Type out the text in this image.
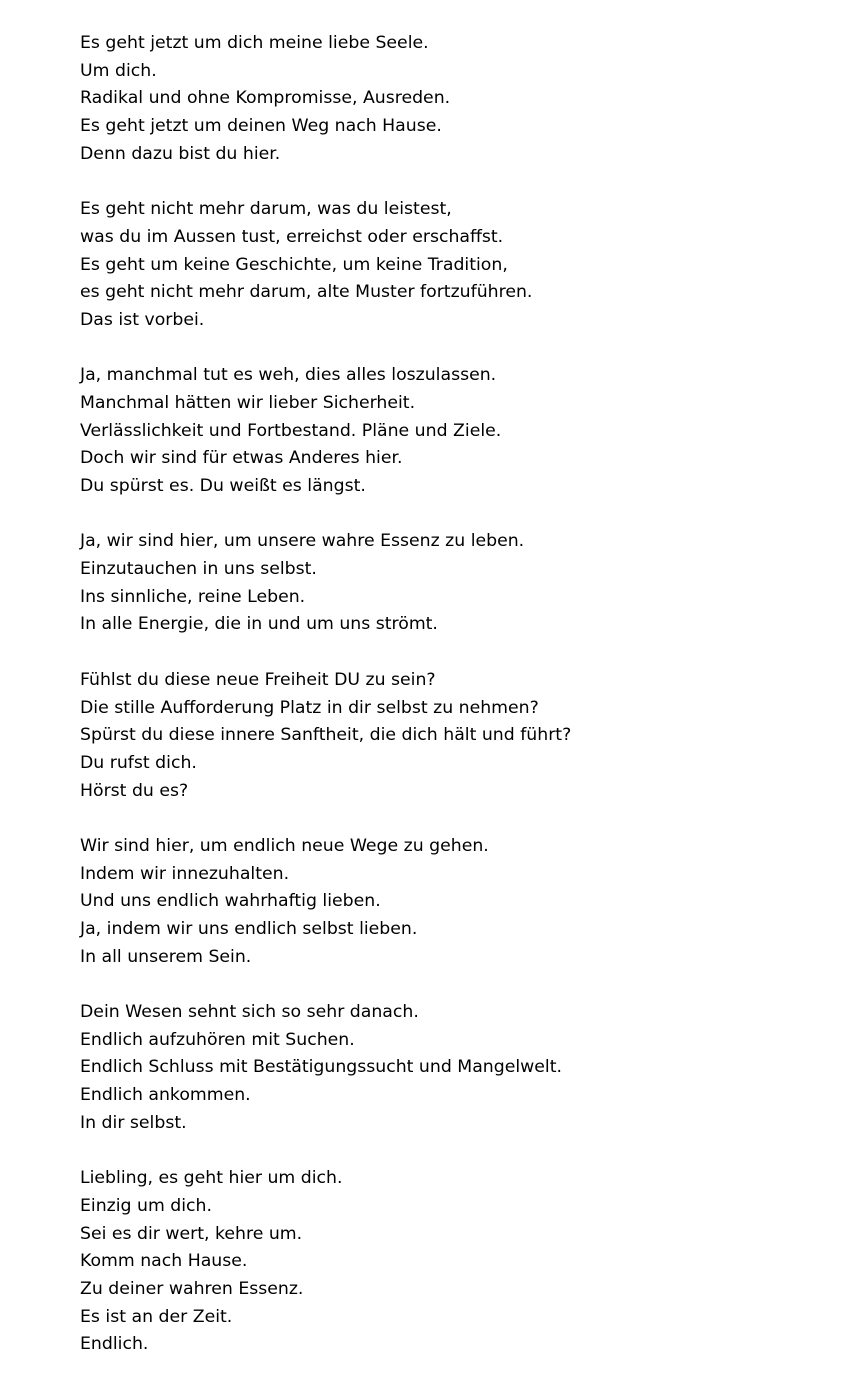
Es geht jetzt um dich meine liebe Seele.
Um dich.
Radikal und ohne Kompromisse, Ausreden.
Es geht jetzt um deinen Weg nach Hause.
Denn dazu bist du hier.

Es geht nicht mehr darum, was du leistest,
was du im Aussen tust, erreichst oder erschaffst.
Es geht um keine Geschichte, um keine Tradition,
es geht nicht mehr darum, alte Muster fortzuführen.
Das ist vorbei.

Ja, manchmal tut es weh, dies alles loszulassen.
Manchmal hätten wir lieber Sicherheit.
Verlässlichkeit und Fortbestand. Pläne und Ziele.
Doch wir sind für etwas Anderes hier.
Du spürst es. Du weißt es längst.

Ja, wir sind hier, um unsere wahre Essenz zu leben.
Einzutauchen in uns selbst.
Ins sinnliche, reine Leben.
In alle Energie, die in und um uns strömt.

Fühlst du diese neue Freiheit DU zu sein?
Die stille Aufforderung Platz in dir selbst zu nehmen?
Spürst du diese innere Sanftheit, die dich hält und führt?
Du rufst dich.
Hörst du es?

Wir sind hier, um endlich neue Wege zu gehen.
Indem wir innezuhalten.
Und uns endlich wahrhaftig lieben.
Ja, indem wir uns endlich selbst lieben.
In all unserem Sein.

Dein Wesen sehnt sich so sehr danach.
Endlich aufzuhören mit Suchen.
Endlich Schluss mit Bestätigungssucht und Mangelwelt.
Endlich ankommen.
In dir selbst.

Liebling, es geht hier um dich.
Einzig um dich.
Sei es dir wert, kehre um.
Komm nach Hause.
Zu deiner wahren Essenz.
Es ist an der Zeit.
Endlich.
